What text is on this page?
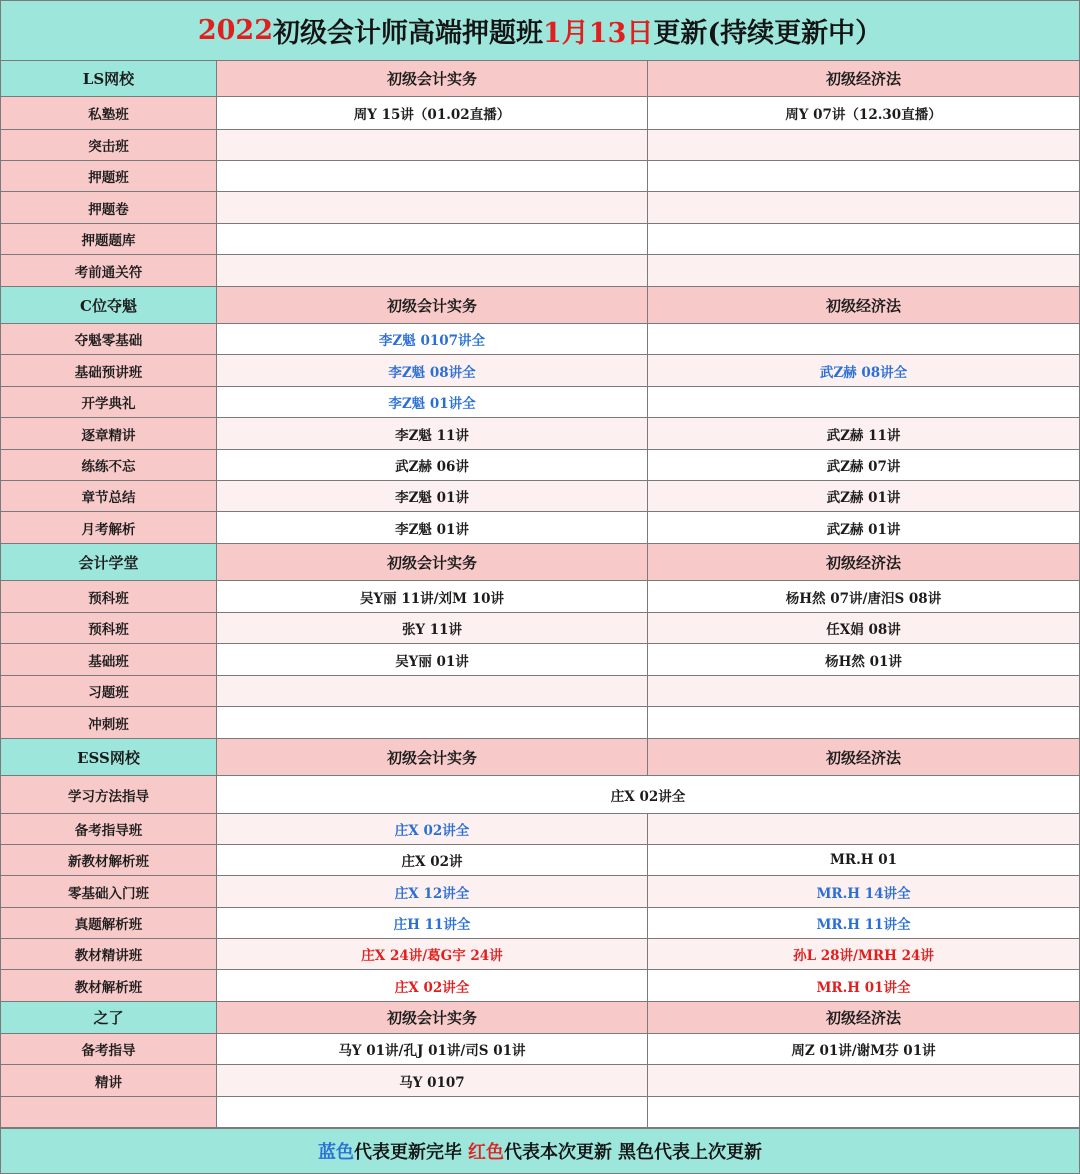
2022 初级会计师高端押题班 1月13日 更新(持续更新中）
LS网校	初级会计实务	初级经济法
私塾班	周Y 15讲（01.02直播）	周Y 07讲（12.30直播）
突击班
押题班
押题卷
押题题库
考前通关符
C位夺魁	初级会计实务	初级经济法
夺魁零基础	李Z魁 0107讲全
基础预讲班	李Z魁 08讲全	武Z赫 08讲全
开学典礼	李Z魁 01讲全
逐章精讲	李Z魁 11讲	武Z赫 11讲
练练不忘	武Z赫 06讲	武Z赫 07讲
章节总结	李Z魁 01讲	武Z赫 01讲
月考解析	李Z魁 01讲	武Z赫 01讲
会计学堂	初级会计实务	初级经济法
预科班	吴Y丽 11讲/刘M 10讲	杨H然 07讲/唐汨S 08讲
预科班	张Y 11讲	任X娟 08讲
基础班	吴Y丽 01讲	杨H然 01讲
习题班
冲刺班
ESS网校	初级会计实务	初级经济法
学习方法指导	庄X 02讲全
备考指导班	庄X 02讲全
新教材解析班	庄X 02讲	MR.H 01
零基础入门班	庄X 12讲全	MR.H 14讲全
真题解析班	庄H 11讲全	MR.H 11讲全
教材精讲班	庄X 24讲/葛G宇 24讲	孙L 28讲/MRH 24讲
教材解析班	庄X 02讲全	MR.H 01讲全
之了	初级会计实务	初级经济法
备考指导	马Y 01讲/孔J 01讲/司S 01讲	周Z 01讲/谢M芬 01讲
精讲	马Y 0107
蓝色 代表更新完毕 红色 代表本次更新 黑色代表上次更新
